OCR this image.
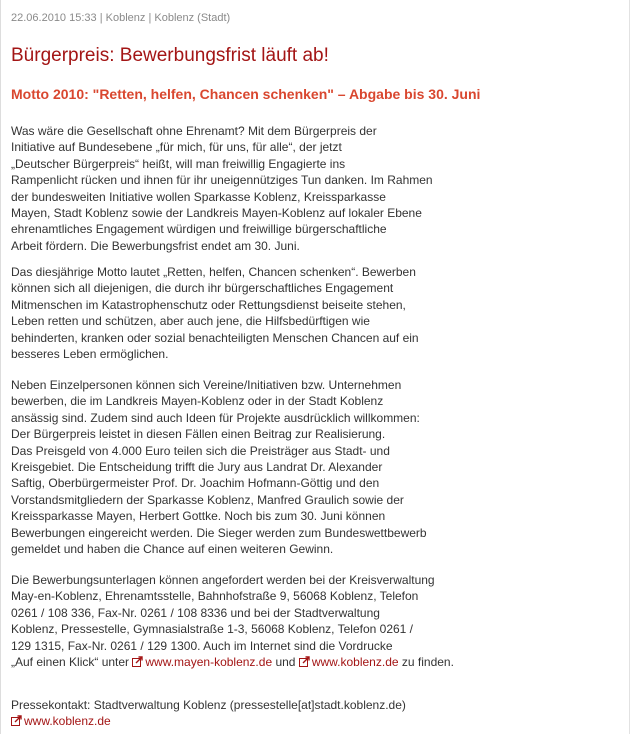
22.06.2010 15:33 | Koblenz | Koblenz (Stadt)
Bürgerpreis: Bewerbungsfrist läuft ab!
Motto 2010: "Retten, helfen, Chancen schenken" – Abgabe bis 30. Juni

Was wäre die Gesellschaft ohne Ehrenamt? Mit dem Bürgerpreis der
Initiative auf Bundesebene „für mich, für uns, für alle“, der jetzt
„Deutscher Bürgerpreis“ heißt, will man freiwillig Engagierte ins
Rampenlicht rücken und ihnen für ihr uneigennütziges Tun danken. Im Rahmen
der bundesweiten Initiative wollen Sparkasse Koblenz, Kreissparkasse
Mayen, Stadt Koblenz sowie der Landkreis Mayen-Koblenz auf lokaler Ebene
ehrenamtliches Engagement würdigen und freiwillige bürgerschaftliche
Arbeit fördern. Die Bewerbungsfrist endet am 30. Juni.

Das diesjährige Motto lautet „Retten, helfen, Chancen schenken“. Bewerben
können sich all diejenigen, die durch ihr bürgerschaftliches Engagement
Mitmenschen im Katastrophenschutz oder Rettungsdienst beiseite stehen,
Leben retten und schützen, aber auch jene, die Hilfsbedürftigen wie
behinderten, kranken oder sozial benachteiligten Menschen Chancen auf ein
besseres Leben ermöglichen.

Neben Einzelpersonen können sich Vereine/Initiativen bzw. Unternehmen
bewerben, die im Landkreis Mayen-Koblenz oder in der Stadt Koblenz
ansässig sind. Zudem sind auch Ideen für Projekte ausdrücklich willkommen:
Der Bürgerpreis leistet in diesen Fällen einen Beitrag zur Realisierung.
Das Preisgeld von 4.000 Euro teilen sich die Preisträger aus Stadt- und
Kreisgebiet. Die Entscheidung trifft die Jury aus Landrat Dr. Alexander
Saftig, Oberbürgermeister Prof. Dr. Joachim Hofmann-Göttig und den
Vorstandsmitgliedern der Sparkasse Koblenz, Manfred Graulich sowie der
Kreissparkasse Mayen, Herbert Gottke. Noch bis zum 30. Juni können
Bewerbungen eingereicht werden. Die Sieger werden zum Bundeswettbewerb
gemeldet und haben die Chance auf einen weiteren Gewinn.

Die Bewerbungsunterlagen können angefordert werden bei der Kreisverwaltung
May-en-Koblenz, Ehrenamtsstelle, Bahnhofstraße 9, 56068 Koblenz, Telefon
0261 / 108 336, Fax-Nr. 0261 / 108 8336 und bei der Stadtverwaltung
Koblenz, Pressestelle, Gymnasialstraße 1-3, 56068 Koblenz, Telefon 0261 /
129 1315, Fax-Nr. 0261 / 129 1300. Auch im Internet sind die Vordrucke
„Auf einen Klick“ unter www.mayen-koblenz.de und www.koblenz.de zu finden.

Pressekontakt: Stadtverwaltung Koblenz (pressestelle[at]stadt.koblenz.de)
www.koblenz.de
